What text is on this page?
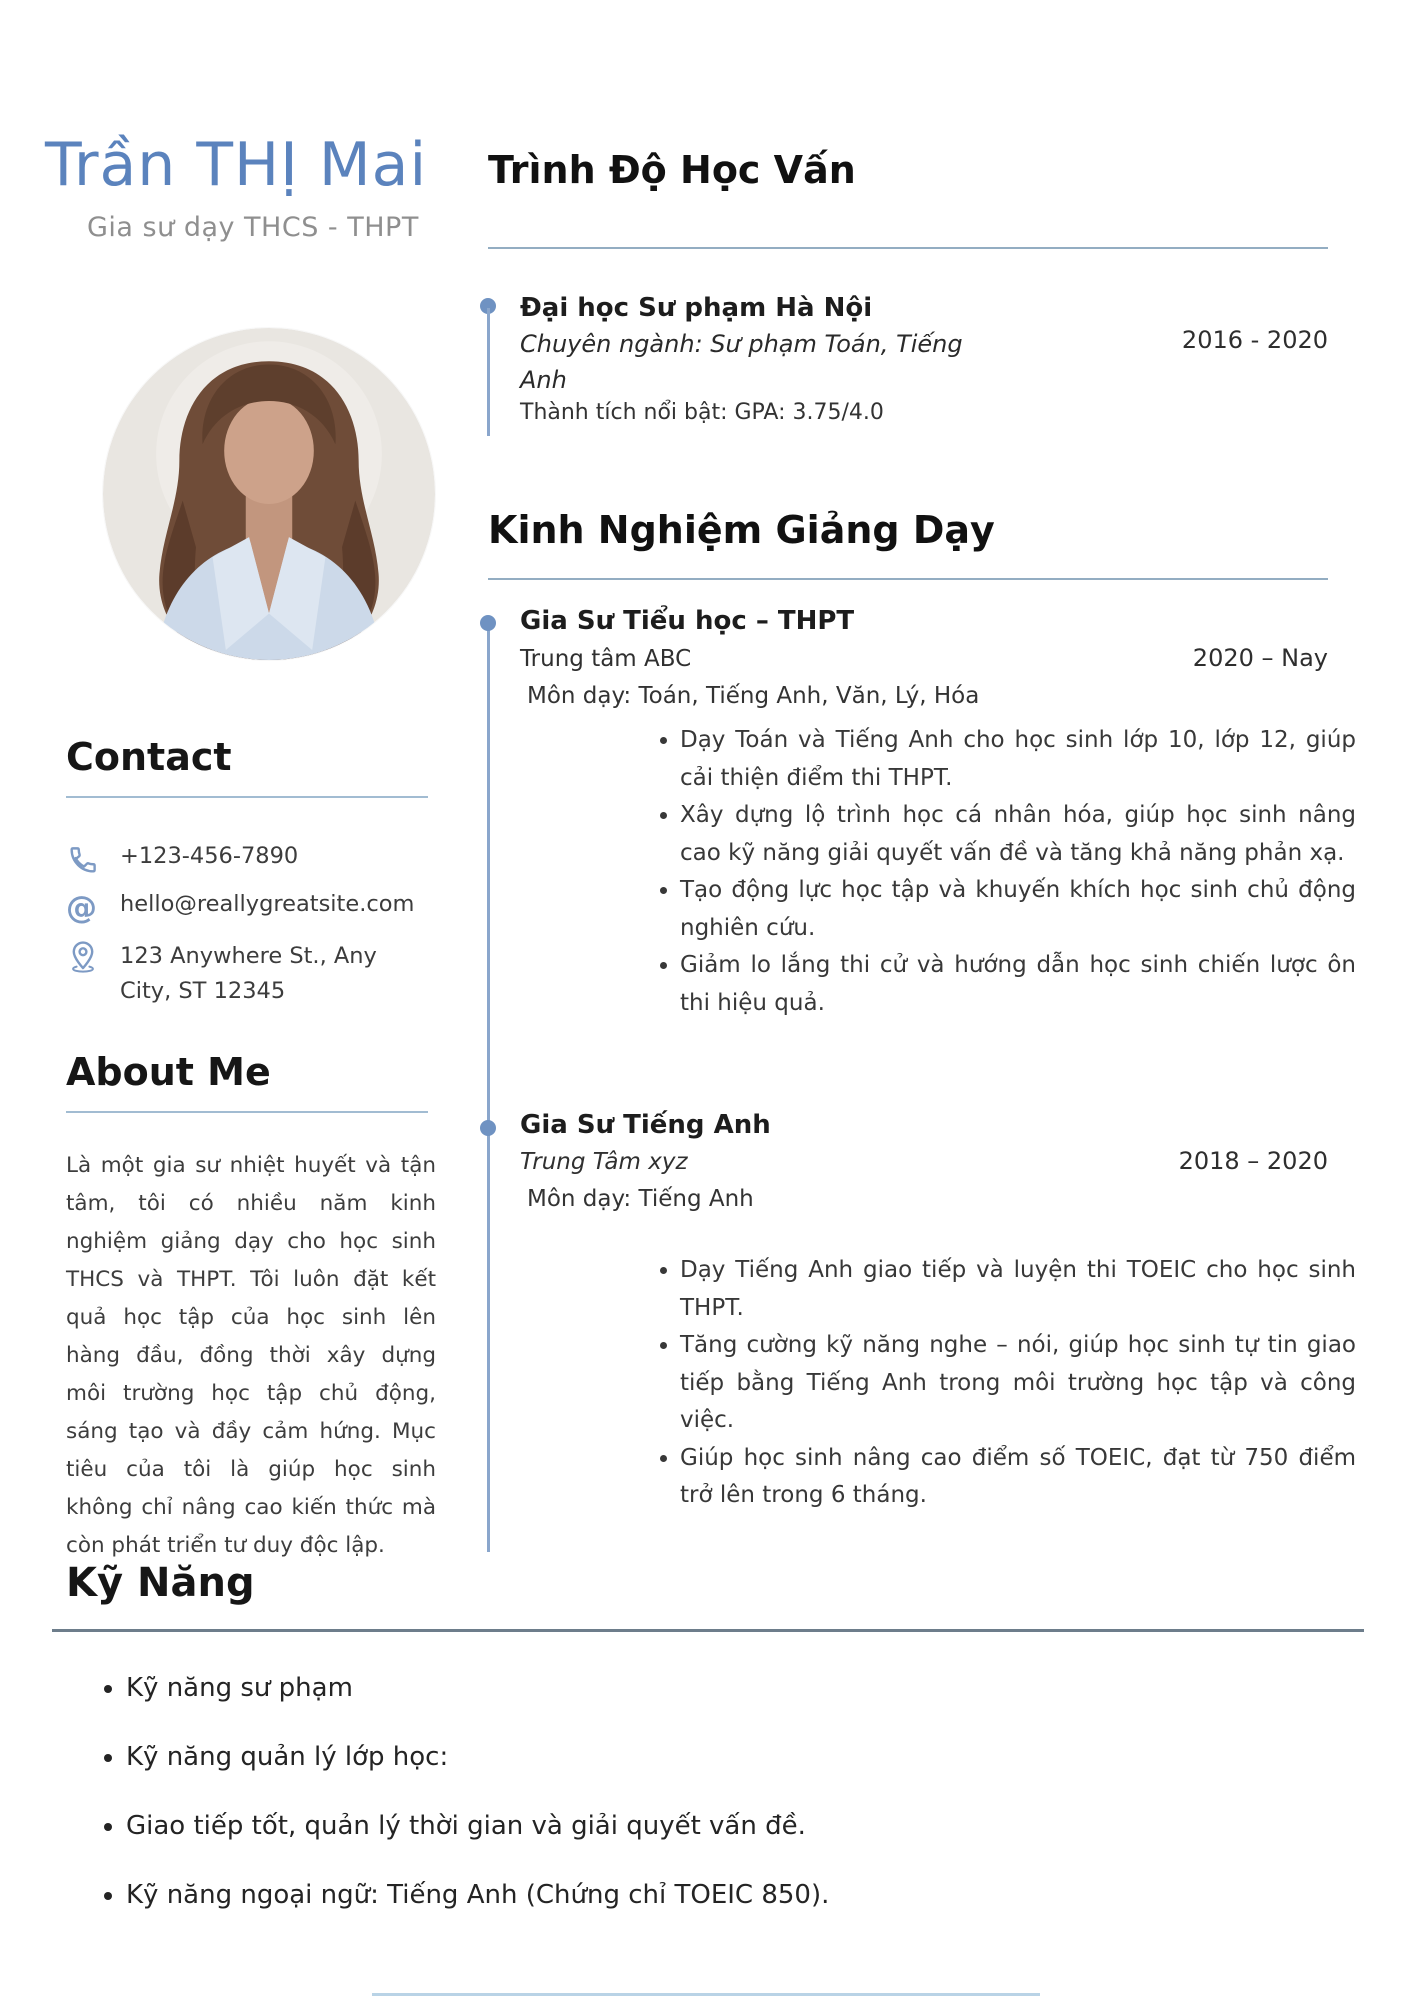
Trần THỊ Mai
Gia sư dạy THCS - THPT
Contact
+123-456-7890
@ hello@reallygreatsite.com
123 Anywhere St., Any City, ST 12345
About Me
Là một gia sư nhiệt huyết và tận tâm, tôi có nhiều năm kinh nghiệm giảng dạy cho học sinh THCS và THPT. Tôi luôn đặt kết quả học tập của học sinh lên hàng đầu, đồng thời xây dựng môi trường học tập chủ động, sáng tạo và đầy cảm hứng. Mục tiêu của tôi là giúp học sinh không chỉ nâng cao kiến thức mà còn phát triển tư duy độc lập.
Trình Độ Học Vấn
Đại học Sư phạm Hà Nội
Chuyên ngành: Sư phạm Toán, Tiếng Anh
Thành tích nổi bật: GPA: 3.75/4.0
2016 - 2020
Kinh Nghiệm Giảng Dạy
Gia Sư Tiểu học – THPT
Trung tâm ABC
Môn dạy: Toán, Tiếng Anh, Văn, Lý, Hóa
2020 – Nay
• Dạy Toán và Tiếng Anh cho học sinh lớp 10, lớp 12, giúp cải thiện điểm thi THPT.
• Xây dựng lộ trình học cá nhân hóa, giúp học sinh nâng cao kỹ năng giải quyết vấn đề và tăng khả năng phản xạ.
• Tạo động lực học tập và khuyến khích học sinh chủ động nghiên cứu.
• Giảm lo lắng thi cử và hướng dẫn học sinh chiến lược ôn thi hiệu quả.
Gia Sư Tiếng Anh
Trung Tâm xyz
Môn dạy: Tiếng Anh
2018 – 2020
• Dạy Tiếng Anh giao tiếp và luyện thi TOEIC cho học sinh THPT.
• Tăng cường kỹ năng nghe – nói, giúp học sinh tự tin giao tiếp bằng Tiếng Anh trong môi trường học tập và công việc.
• Giúp học sinh nâng cao điểm số TOEIC, đạt từ 750 điểm trở lên trong 6 tháng.
Kỹ Năng
• Kỹ năng sư phạm
• Kỹ năng quản lý lớp học:
• Giao tiếp tốt, quản lý thời gian và giải quyết vấn đề.
• Kỹ năng ngoại ngữ: Tiếng Anh (Chứng chỉ TOEIC 850).
